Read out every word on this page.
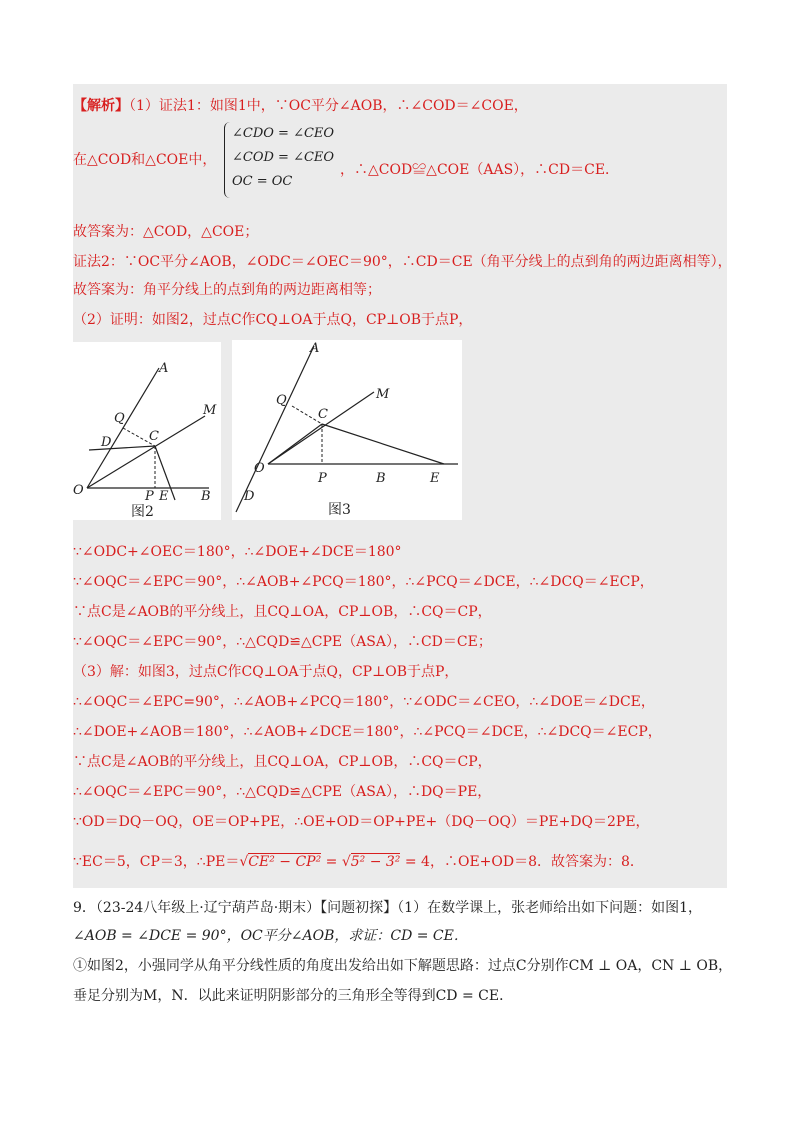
【解析】（1）证法1：如图1中，∵OC平分∠AOB，∴∠COD＝∠COE，
在△COD和△COE中，
∠CDO = ∠CEO
∠COD = ∠CEO
OC = OC
，∴△COD≌△COE（AAS），∴CD＝CE．
故答案为：△COD，△COE；
证法2：∵OC平分∠AOB，∠ODC＝∠OEC＝90°，∴CD＝CE（角平分线上的点到角的两边距离相等），
故答案为：角平分线上的点到角的两边距离相等；
（2）证明：如图2，过点C作CQ⊥OA于点Q，CP⊥OB于点P，
A
M
Q
D	C
O	P E	B
图2
A
M
Q
C
O
P	B	E
D
图3
∵∠ODC+∠OEC＝180°，∴∠DOE+∠DCE＝180°
∵∠OQC＝∠EPC＝90°，∴∠AOB+∠PCQ＝180°，∴∠PCQ＝∠DCE，∴∠DCQ＝∠ECP，
∵点C是∠AOB的平分线上，且CQ⊥OA，CP⊥OB，∴CQ＝CP，
∵∠OQC＝∠EPC＝90°，∴△CQD≌△CPE（ASA），∴CD＝CE；
（3）解：如图3，过点C作CQ⊥OA于点Q，CP⊥OB于点P，
∴∠OQC＝∠EPC=90°，∴∠AOB+∠PCQ＝180°，∵∠ODC＝∠CEO，∴∠DOE＝∠DCE，
∴∠DOE+∠AOB＝180°，∴∠AOB+∠DCE＝180°，∴∠PCQ＝∠DCE，∴∠DCQ＝∠ECP，
∵点C是∠AOB的平分线上，且CQ⊥OA，CP⊥OB，∴CQ＝CP，
∴∠OQC＝∠EPC＝90°，∴△CQD≌△CPE（ASA），∴DQ＝PE，
∵OD＝DQ－OQ，OE＝OP+PE，∴OE+OD＝OP+PE+（DQ－OQ）＝PE+DQ＝2PE，
∵EC＝5，CP＝3，∴PE＝√CE² − CP² = √5² − 3² = 4，∴OE+OD＝8．故答案为：8．
9．（23-24八年级上·辽宁葫芦岛·期末）【问题初探】（1）在数学课上，张老师给出如下问题：如图1，
∠AOB = ∠DCE = 90°，OC平分∠AOB，求证：CD = CE．
①如图2，小强同学从角平分线性质的角度出发给出如下解题思路：过点C分别作CM ⊥ OA，CN ⊥ OB，
垂足分别为M，N．以此来证明阴影部分的三角形全等得到CD = CE．
